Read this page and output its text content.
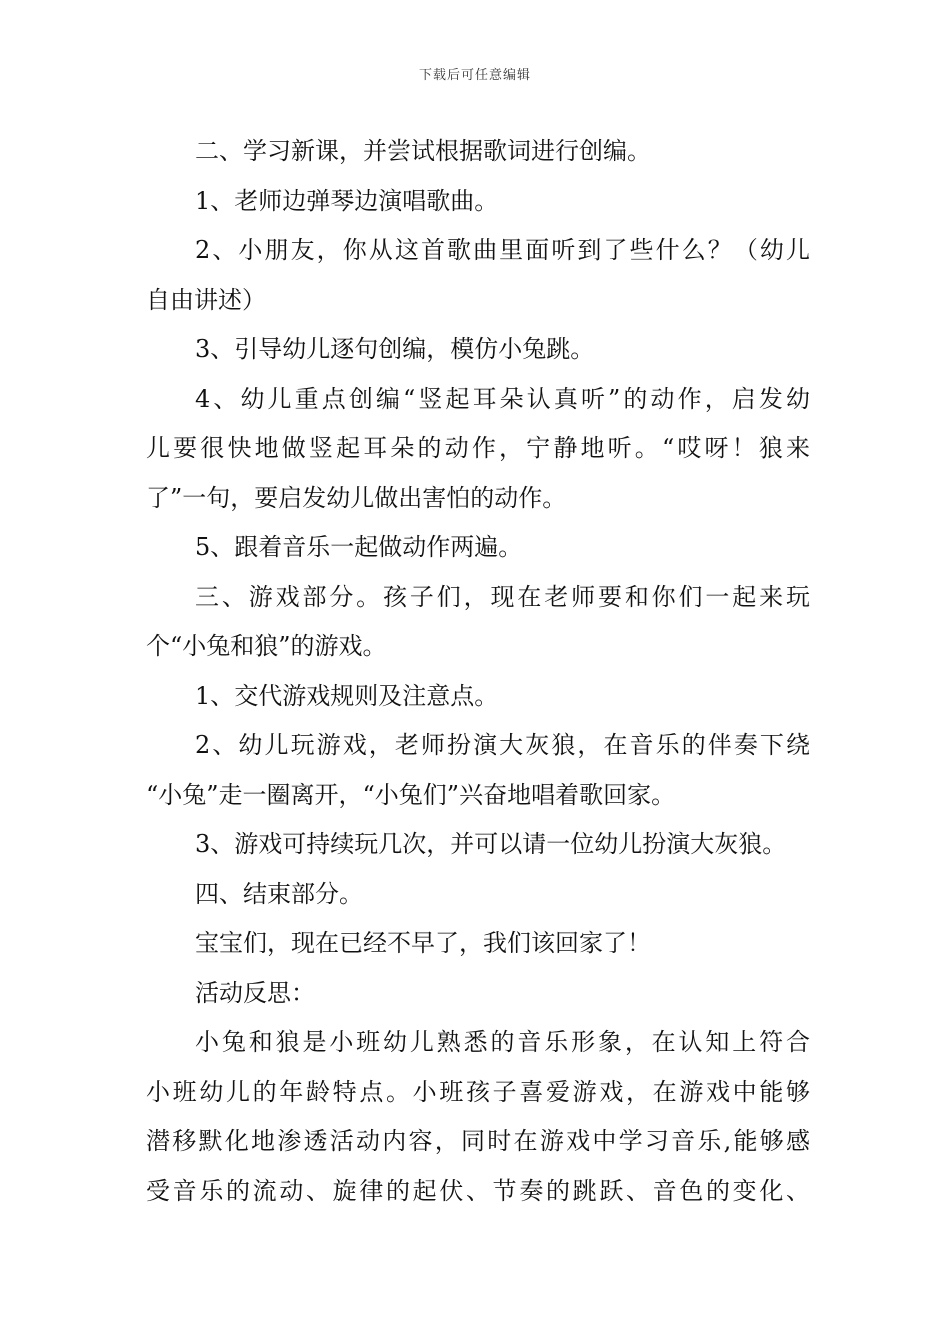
下载后可任意编辑
二、学习新课，并尝试根据歌词进行创编。
1、老师边弹琴边演唱歌曲。
2、小朋友，你从这首歌曲里面听到了些什么？（幼儿
自由讲述）
3、引导幼儿逐句创编，模仿小兔跳。
4、幼儿重点创编“竖起耳朵认真听”的动作，启发幼
儿要很快地做竖起耳朵的动作，宁静地听。“哎呀！狼来
了”一句，要启发幼儿做出害怕的动作。
5、跟着音乐一起做动作两遍。
三、游戏部分。孩子们，现在老师要和你们一起来玩
个“小兔和狼”的游戏。
1、交代游戏规则及注意点。
2、幼儿玩游戏，老师扮演大灰狼，在音乐的伴奏下绕
“小兔”走一圈离开，“小兔们”兴奋地唱着歌回家。
3、游戏可持续玩几次，并可以请一位幼儿扮演大灰狼。
四、结束部分。
宝宝们，现在已经不早了，我们该回家了！
活动反思：
小兔和狼是小班幼儿熟悉的音乐形象，在认知上符合
小班幼儿的年龄特点。小班孩子喜爱游戏，在游戏中能够
潜移默化地渗透活动内容，同时在游戏中学习音乐,能够感
受音乐的流动、旋律的起伏、节奏的跳跃、音色的变化、
